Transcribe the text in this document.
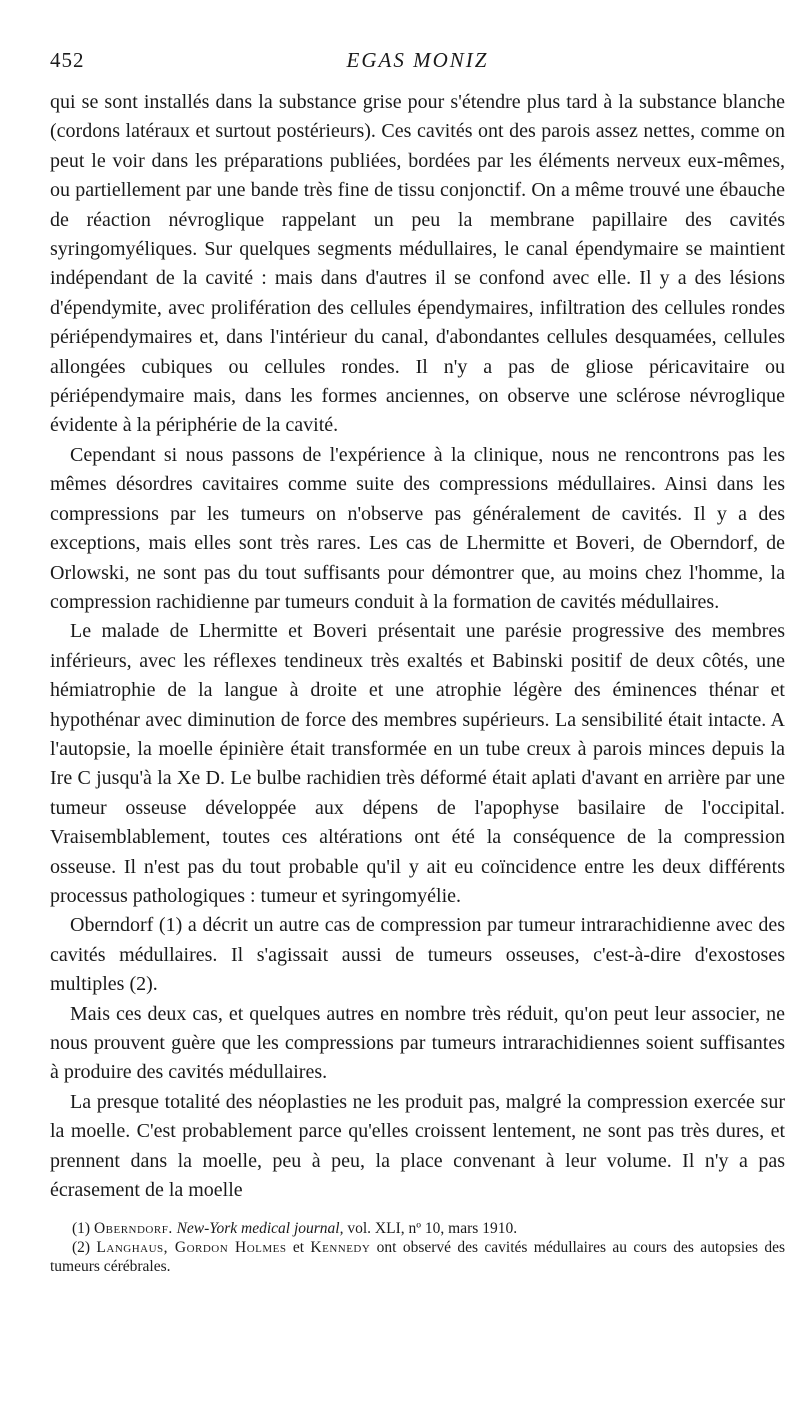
452	EGAS MONIZ

qui se sont installés dans la substance grise pour s'étendre plus tard à la substance blanche (cordons latéraux et surtout postérieurs). Ces cavités ont des parois assez nettes, comme on peut le voir dans les préparations publiées, bordées par les éléments nerveux eux-mêmes, ou partiellement par une bande très fine de tissu conjonctif. On a même trouvé une ébauche de réaction névroglique rappelant un peu la membrane papillaire des cavités syringomyéliques. Sur quelques segments médullaires, le canal épendymaire se maintient indépendant de la cavité : mais dans d'autres il se confond avec elle. Il y a des lésions d'épendymite, avec prolifération des cellules épendymaires, infiltration des cellules rondes périépendymaires et, dans l'intérieur du canal, d'abondantes cellules desquamées, cellules allongées cubiques ou cellules rondes. Il n'y a pas de gliose péricavitaire ou périépendymaire mais, dans les formes anciennes, on observe une sclérose névroglique évidente à la périphérie de la cavité.

Cependant si nous passons de l'expérience à la clinique, nous ne rencontrons pas les mêmes désordres cavitaires comme suite des compressions médullaires. Ainsi dans les compressions par les tumeurs on n'observe pas généralement de cavités. Il y a des exceptions, mais elles sont très rares. Les cas de Lhermitte et Boveri, de Oberndorf, de Orlowski, ne sont pas du tout suffisants pour démontrer que, au moins chez l'homme, la compression rachidienne par tumeurs conduit à la formation de cavités médullaires.

Le malade de Lhermitte et Boveri présentait une parésie progressive des membres inférieurs, avec les réflexes tendineux très exaltés et Babinski positif de deux côtés, une hémiatrophie de la langue à droite et une atrophie légère des éminences thénar et hypothénar avec diminution de force des membres supérieurs. La sensibilité était intacte. A l'autopsie, la moelle épinière était transformée en un tube creux à parois minces depuis la Ire C jusqu'à la Xe D. Le bulbe rachidien très déformé était aplati d'avant en arrière par une tumeur osseuse développée aux dépens de l'apophyse basilaire de l'occipital. Vraisemblablement, toutes ces altérations ont été la conséquence de la compression osseuse. Il n'est pas du tout probable qu'il y ait eu coïncidence entre les deux différents processus pathologiques : tumeur et syringomyélie.

Oberndorf (1) a décrit un autre cas de compression par tumeur intrarachidienne avec des cavités médullaires. Il s'agissait aussi de tumeurs osseuses, c'est-à-dire d'exostoses multiples (2).

Mais ces deux cas, et quelques autres en nombre très réduit, qu'on peut leur associer, ne nous prouvent guère que les compressions par tumeurs intrarachidiennes soient suffisantes à produire des cavités médullaires.

La presque totalité des néoplasties ne les produit pas, malgré la compression exercée sur la moelle. C'est probablement parce qu'elles croissent lentement, ne sont pas très dures, et prennent dans la moelle, peu à peu, la place convenant à leur volume. Il n'y a pas écrasement de la moelle

(1) Oberndorf. New-York medical journal, vol. XLI, nº 10, mars 1910.

(2) Langhaus, Gordon Holmes et Kennedy ont observé des cavités médullaires au cours des autopsies des tumeurs cérébrales.
